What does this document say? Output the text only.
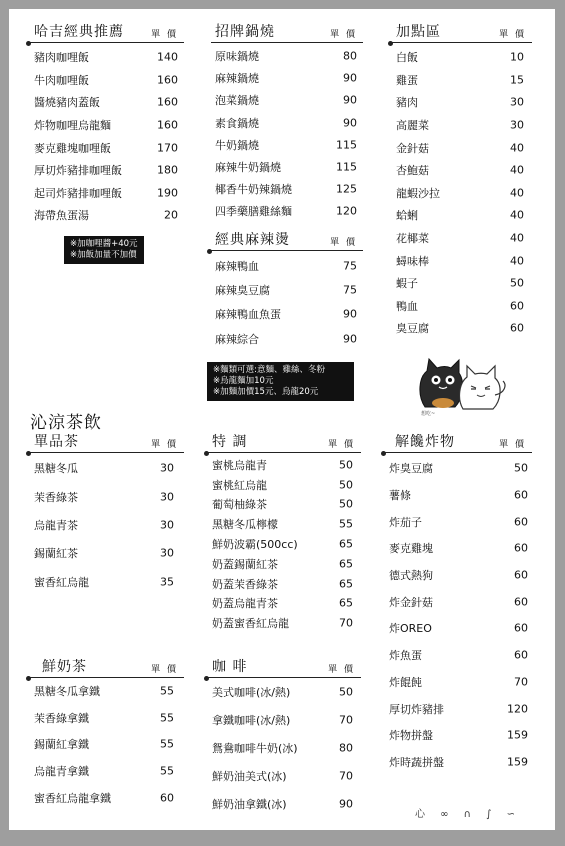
哈吉經典推薦	單 價
豬肉咖哩飯	140
牛肉咖哩飯	160
醬燒豬肉蓋飯	160
炸物咖哩烏龍麵	160
麥克雞塊咖哩飯	170
厚切炸豬排咖哩飯	180
起司炸豬排咖哩飯	190
海帶魚蛋湯	20
招牌鍋燒	單 價
原味鍋燒	80
麻辣鍋燒	90
泡菜鍋燒	90
素食鍋燒	90
牛奶鍋燒	115
麻辣牛奶鍋燒	115
椰香牛奶辣鍋燒	125
四季藥膳雞絲麵	120
加點區	單 價
白飯	10
雞蛋	15
豬肉	30
高麗菜	30
金針菇	40
杏鮑菇	40
龍蝦沙拉	40
蛤蜊	40
花椰菜	40
蟳味棒	40
蝦子	50
鴨血	60
臭豆腐	60
※加咖哩醬+40元
※加飯加量不加價
經典麻辣燙	單 價
麻辣鴨血	75
麻辣臭豆腐	75
麻辣鴨血魚蛋	90
麻辣綜合	90
※麵類可選:意麵、雞絲、冬粉
※烏龍麵加10元
※加麵加價15元、烏龍20元
想吃~
沁涼茶飲
單品茶	單 價
黑糖冬瓜	30
茉香綠茶	30
烏龍青茶	30
錫蘭紅茶	30
蜜香紅烏龍	35
特 調	單 價
蜜桃烏龍青	50
蜜桃紅烏龍	50
葡萄柚綠茶	50
黑糖冬瓜檸檬	55
鮮奶波霸(500cc)	65
奶蓋錫蘭紅茶	65
奶蓋茉香綠茶	65
奶蓋烏龍青茶	65
奶蓋蜜香紅烏龍	70
解饞炸物	單 價
炸臭豆腐	50
薯條	60
炸茄子	60
麥克雞塊	60
德式熱狗	60
炸金針菇	60
炸OREO	60
炸魚蛋	60
炸餛飩	70
厚切炸豬排	120
炸物拼盤	159
炸時蔬拼盤	159
鮮奶茶	單 價
黑糖冬瓜拿鐵	55
茉香綠拿鐵	55
錫蘭紅拿鐵	55
烏龍青拿鐵	55
蜜香紅烏龍拿鐵	60
咖 啡	單 價
美式咖啡(冰/熱)	50
拿鐵咖啡(冰/熱)	70
鴛鴦咖啡牛奶(冰)	80
鮮奶油美式(冰)	70
鮮奶油拿鐵(冰)	90
心 ∞ ∩ ∫ ∽
